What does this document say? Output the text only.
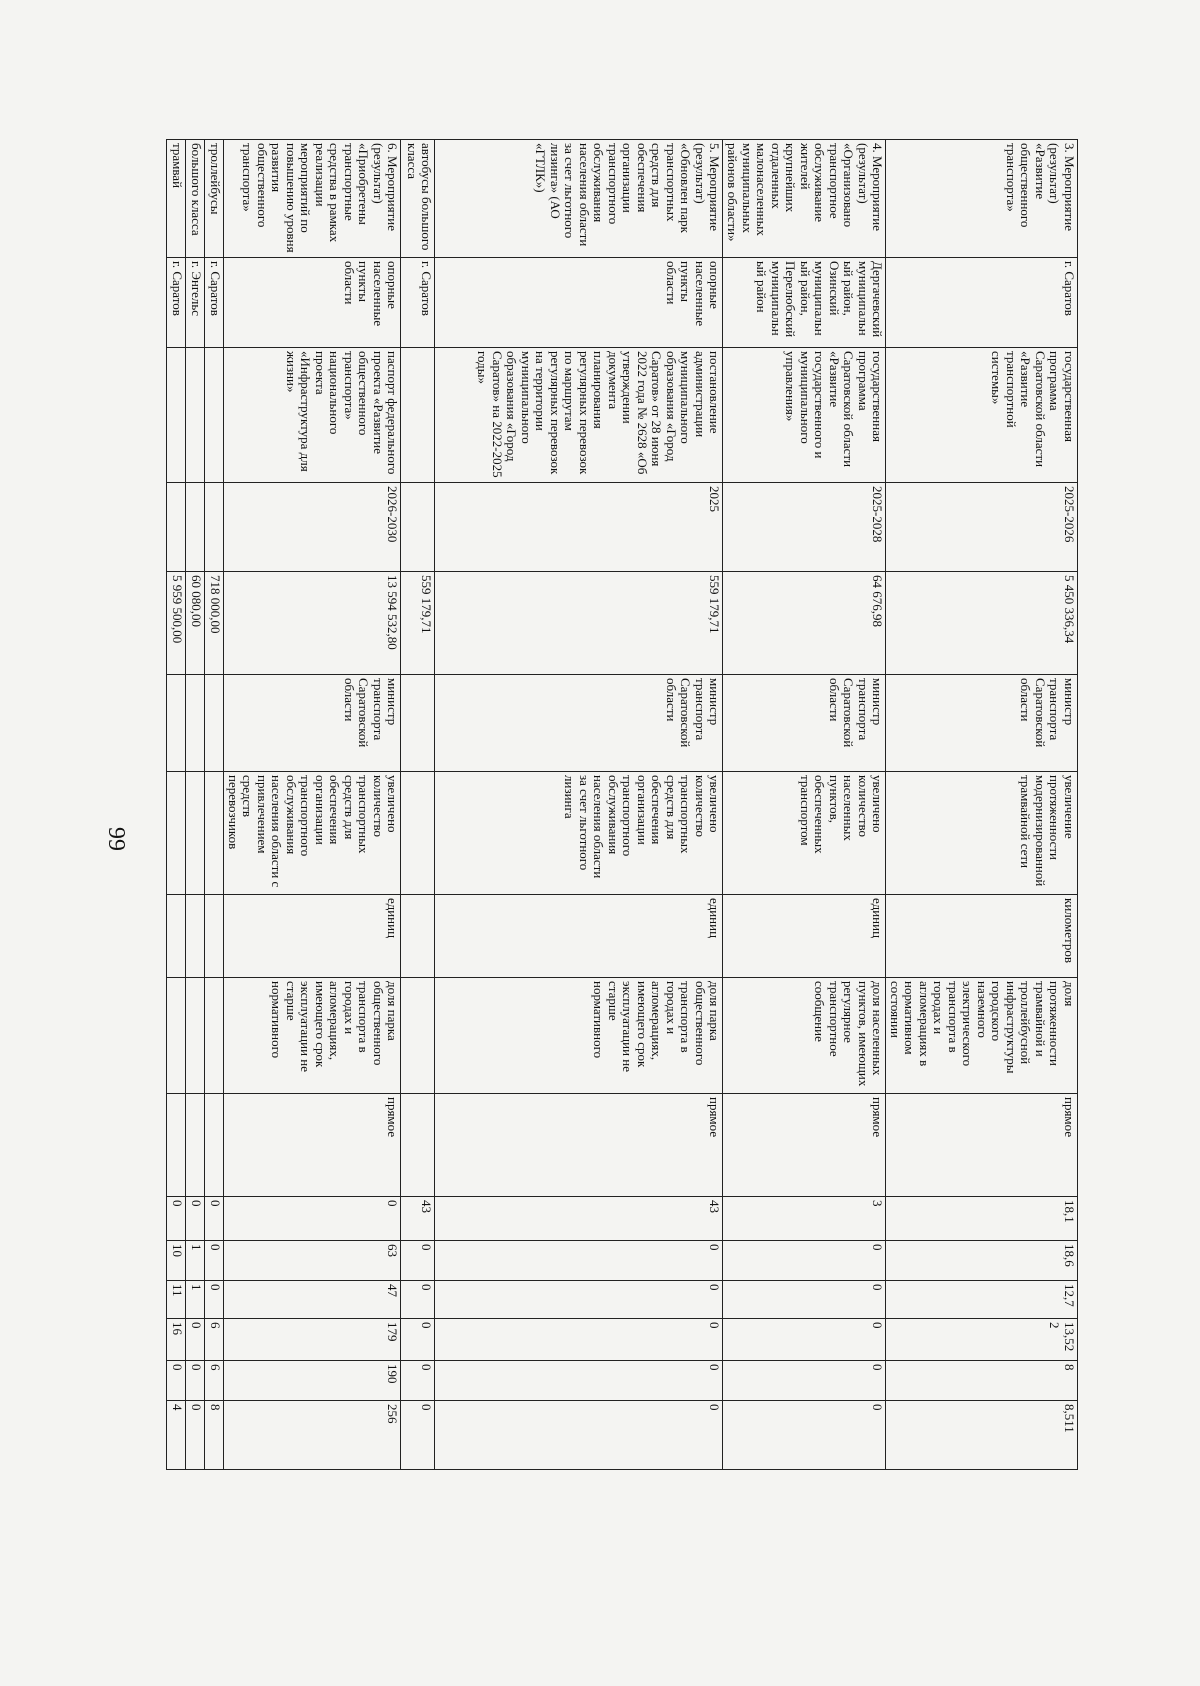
99
3. Мероприятие (результат) «Развитие общественного транспорта»	г. Саратов	государственная программа Саратовской области «Развитие транспортной системы»	2025-2026	5 450 336,34	министр транспорта Саратовской области	увеличение протяженности модернизированной трамвайной сети	километров	доля протяженности трамвайной и троллейбусной инфраструктуры городского наземного электрического транспорта в городах и агломерациях в нормативном состоянии	прямое	18,1	18,6	12,7	13,522	8	8,511
4. Мероприятие (результат) «Организовано транспортное обслуживание жителей крупнейших отдаленных малонаселенных муниципальных районов области»	Дергачевский муниципальный район, Озинский муниципальный район, Перелюбский муниципальный район	государственная программа Саратовской области «Развитие государственного и муниципального управления»	2025-2028	64 676,98	министр транспорта Саратовской области	увеличено количество населенных пунктов, обеспеченных транспортом	единиц	доля населенных пунктов, имеющих регулярное транспортное сообщение	прямое	3	0	0	0	0	0
5. Мероприятие (результат) «Обновлен парк транспортных средств для обеспечения организации транспортного обслуживания населения области за счет льготного лизинга» (АО «ГТЛК»)	опорные населенные пункты области	постановление администрации муниципального образования «Город Саратов» от 28 июня 2022 года № 2628 «Об утверждении документа планирования регулярных перевозок по маршрутам регулярных перевозок на территории муниципального образования «Город Саратов» на 2022-2025 годы»	2025	559 179,71	министр транспорта Саратовской области	увеличено количество транспортных средств для обеспечения организации транспортного обслуживания населения области за счет льготного лизинга	единиц	доля парка общественного транспорта в городах и агломерациях, имеющего срок эксплуатации не старше нормативного	прямое	43	0	0	0	0	0
автобусы большого класса	г. Саратов			559 179,71						43	0	0	0	0	0
6. Мероприятие (результат) «Приобретены транспортные средства в рамках реализации мероприятий по повышению уровня развития общественного транспорта»	опорные населенные пункты области	паспорт федерального проекта «Развитие общественного транспорта» национального проекта «Инфраструктура для жизни»	2026-2030	13 594 532,80	министр транспорта Саратовской области	увеличено количество транспортных средств для обеспечения организации транспортного обслуживания населения области с привлечением средств перевозчиков	единиц	доля парка общественного транспорта в городах и агломерациях, имеющего срок эксплуатации не старше нормативного	прямое	0	63	47	179	190	256
троллейбусы	г. Саратов			718 000,00						0	0	0	6	6	8
большого класса	г. Энгельс			60 080,00						0	1	1	0	0	0
трамвай	г. Саратов			5 959 500,00						0	10	11	16	0	4
